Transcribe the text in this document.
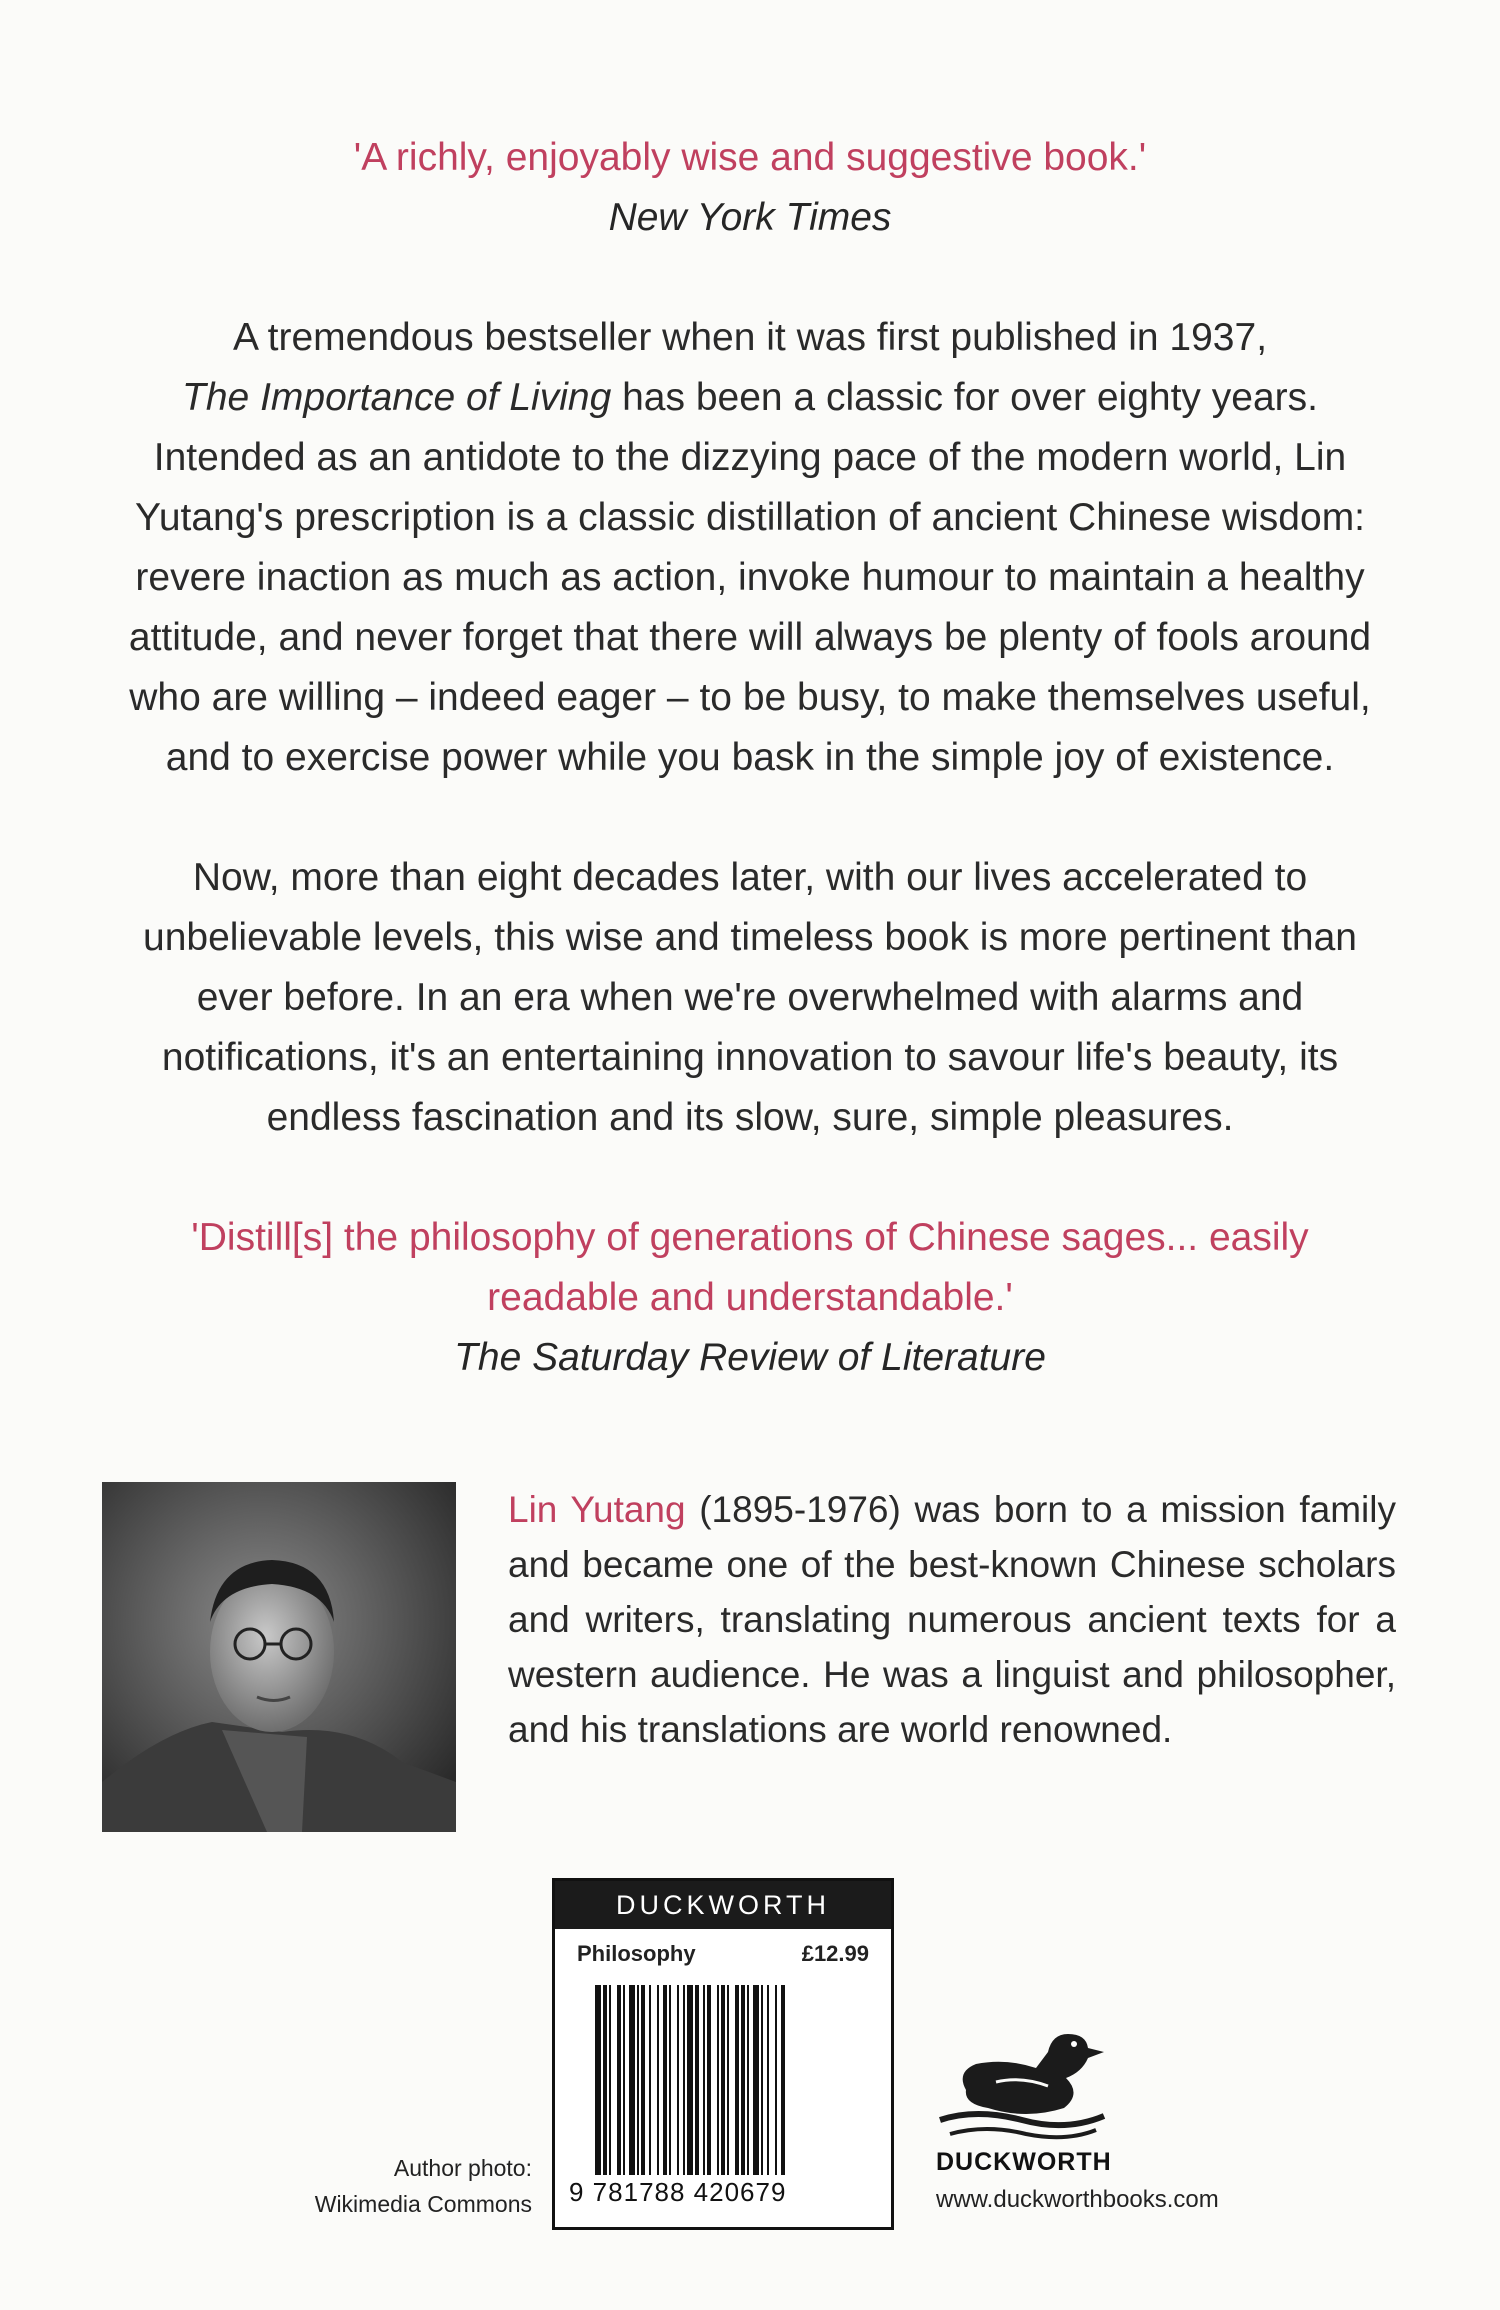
'A richly, enjoyably wise and suggestive book.'
New York Times

A tremendous bestseller when it was first published in 1937,

The Importance of Living has been a classic for over eighty years.

Intended as an antidote to the dizzying pace of the modern world, Lin

Yutang's prescription is a classic distillation of ancient Chinese wisdom:

revere inaction as much as action, invoke humour to maintain a healthy

attitude, and never forget that there will always be plenty of fools around

who are willing – indeed eager – to be busy, to make themselves useful,

and to exercise power while you bask in the simple joy of existence.

Now, more than eight decades later, with our lives accelerated to

unbelievable levels, this wise and timeless book is more pertinent than

ever before. In an era when we're overwhelmed with alarms and

notifications, it's an entertaining innovation to savour life's beauty, its

endless fascination and its slow, sure, simple pleasures.

'Distill[s] the philosophy of generations of Chinese sages... easily
readable and understandable.'
The Saturday Review of Literature
Lin Yutang (1895-1976) was born to a mission family and became one of the best-known Chinese scholars and writers, translating numerous ancient texts for a western audience. He was a linguist and philosopher, and his translations are world renowned.
DUCKWORTH
Philosophy	£12.99
9 781788 420679
Author photo:
Wikimedia Commons
DUCKWORTH
www.duckworthbooks.com
